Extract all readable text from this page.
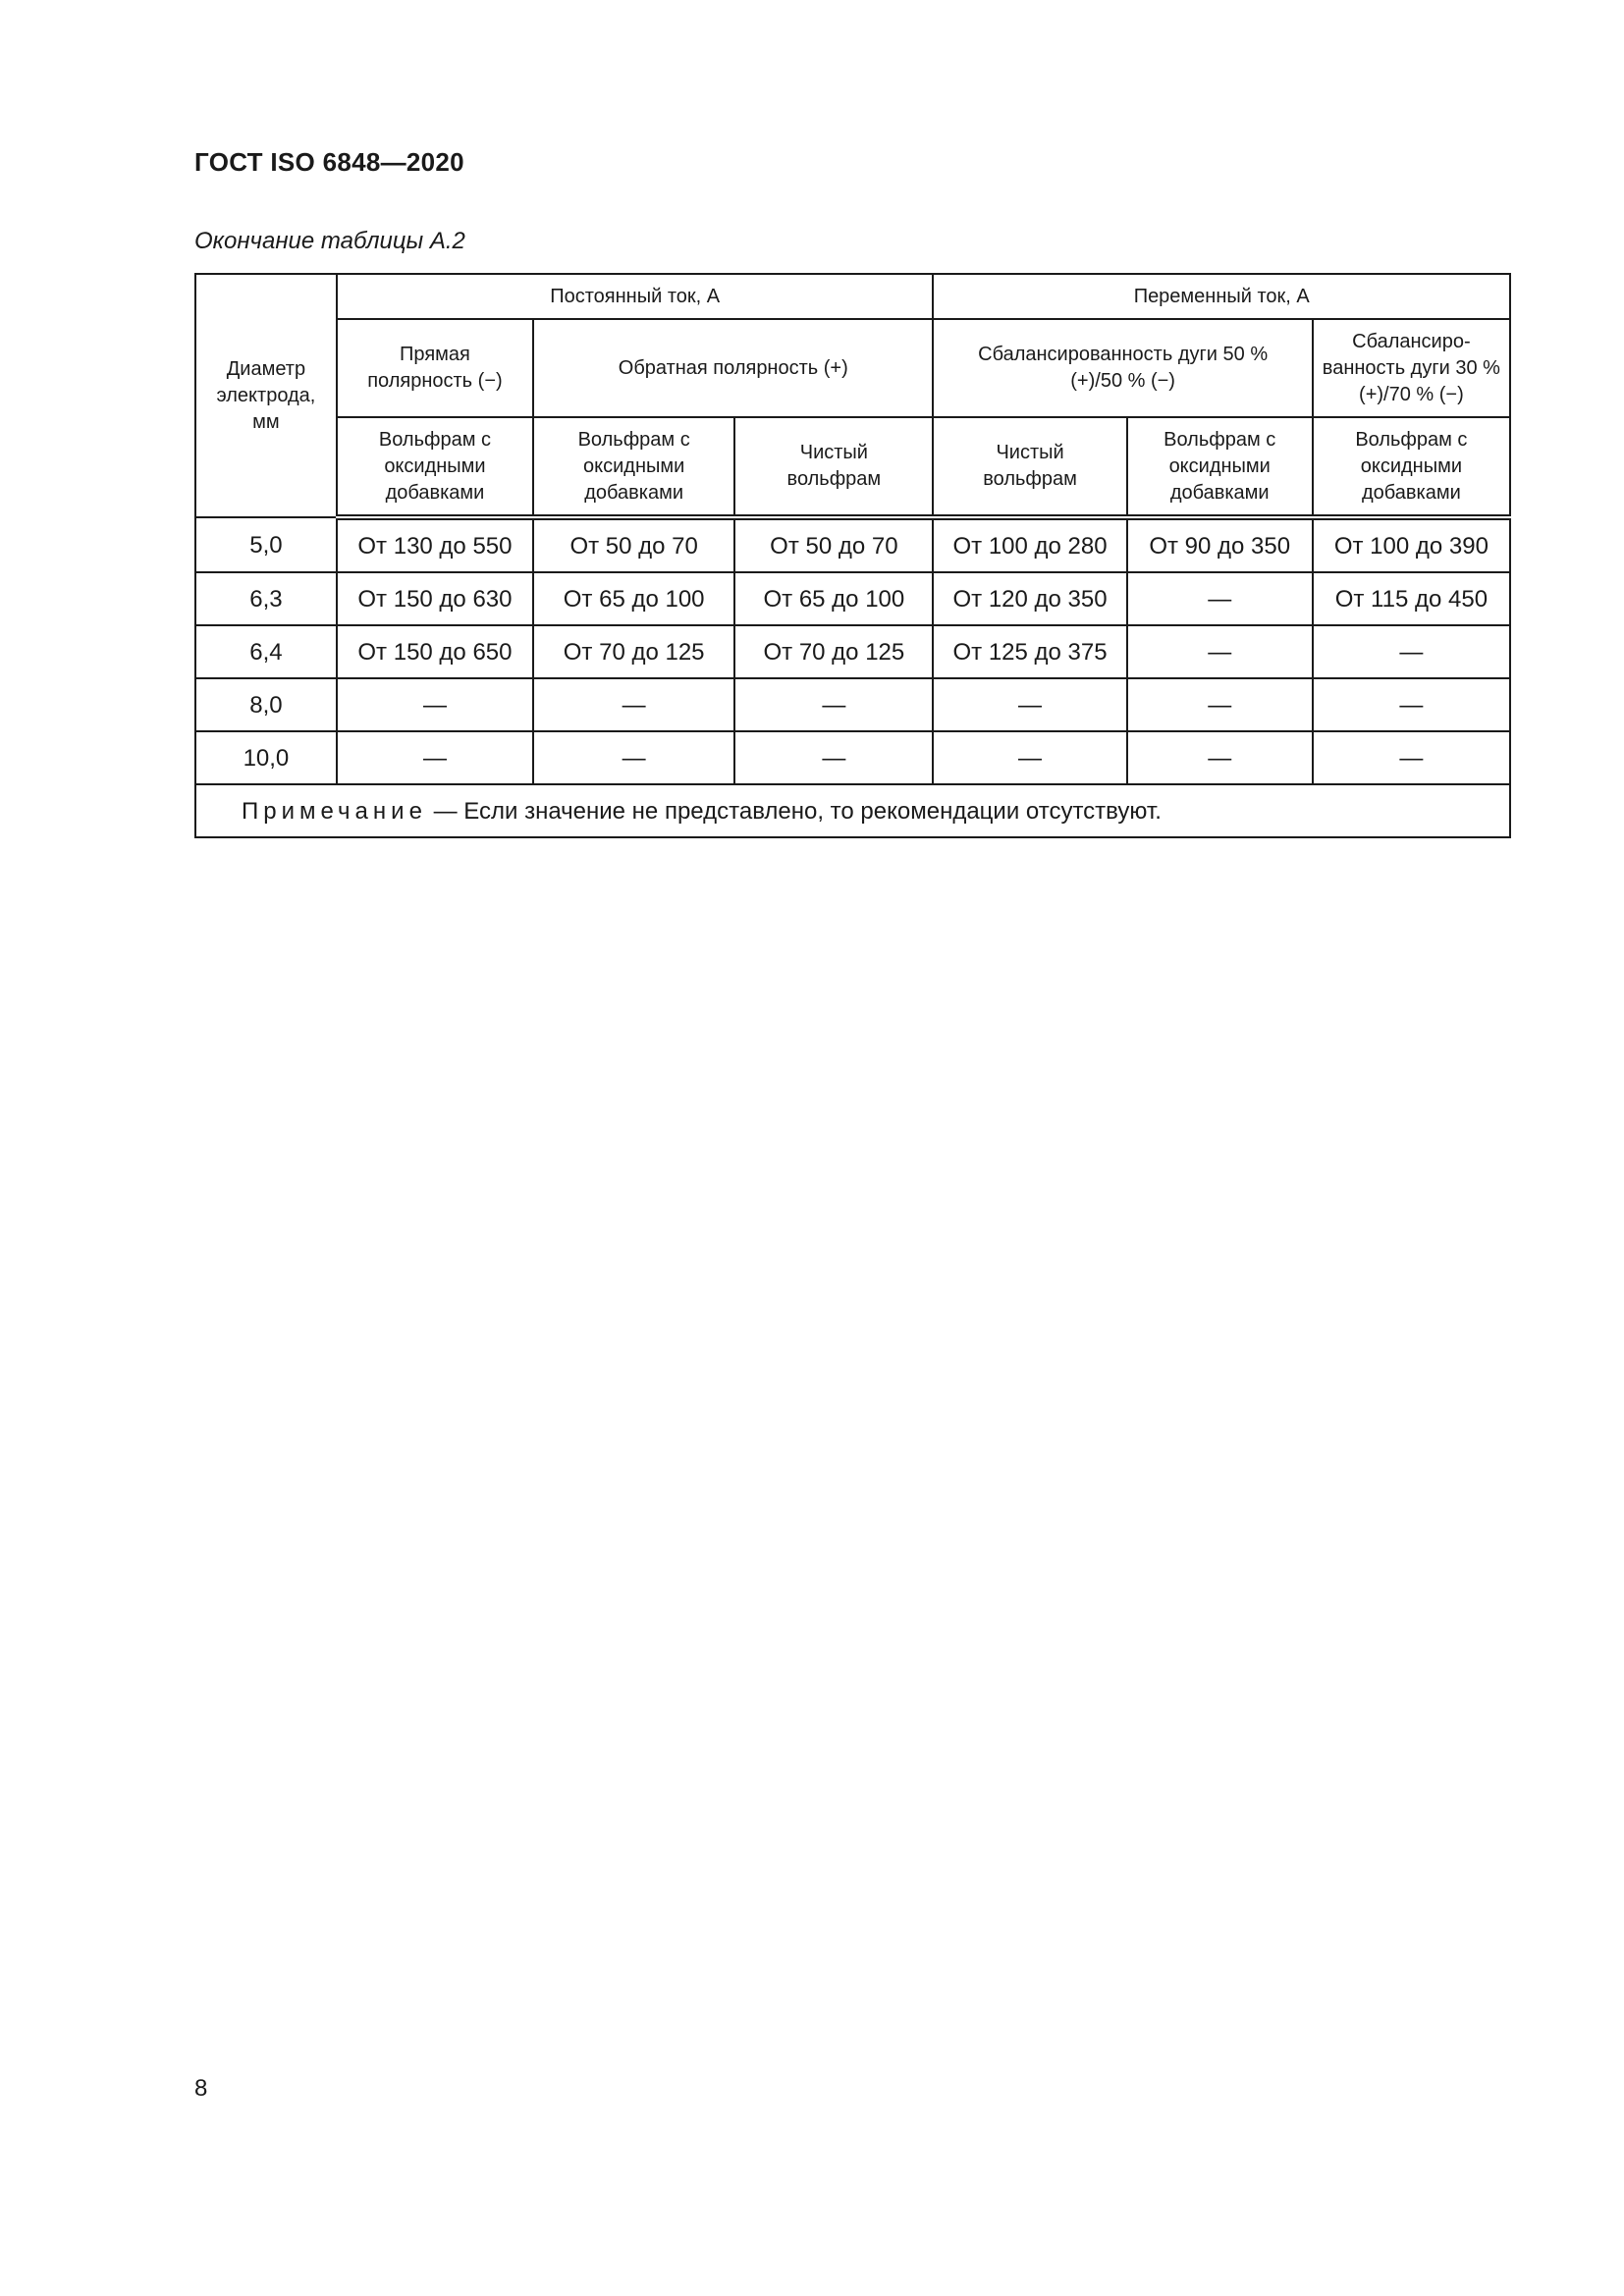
ГОСТ ISO 6848—2020
Окончание таблицы А.2
Диаметр электрода, мм	Постоянный ток, А			Переменный ток, А		
	Прямая полярность (−)	Обратная полярность (+)		Сбалансированность дуги 50 % (+)/50 % (−)		Сбалансиро-ванность дуги 30 % (+)/70 % (−)
	Вольфрам с оксидными добавками	Вольфрам с оксидными добавками	Чистый вольфрам	Чистый вольфрам	Вольфрам с оксидными добавками	Вольфрам с оксидными добавками
5,0	От 130 до 550	От 50 до 70	От 50 до 70	От 100 до 280	От 90 до 350	От 100 до 390
6,3	От 150 до 630	От 65 до 100	От 65 до 100	От 120 до 350	—	От 115 до 450
6,4	От 150 до 650	От 70 до 125	От 70 до 125	От 125 до 375	—	—
8,0	—	—	—	—	—	—
10,0	—	—	—	—	—	—
Примечание — Если значение не представлено, то рекомендации отсутствуют.						
8
